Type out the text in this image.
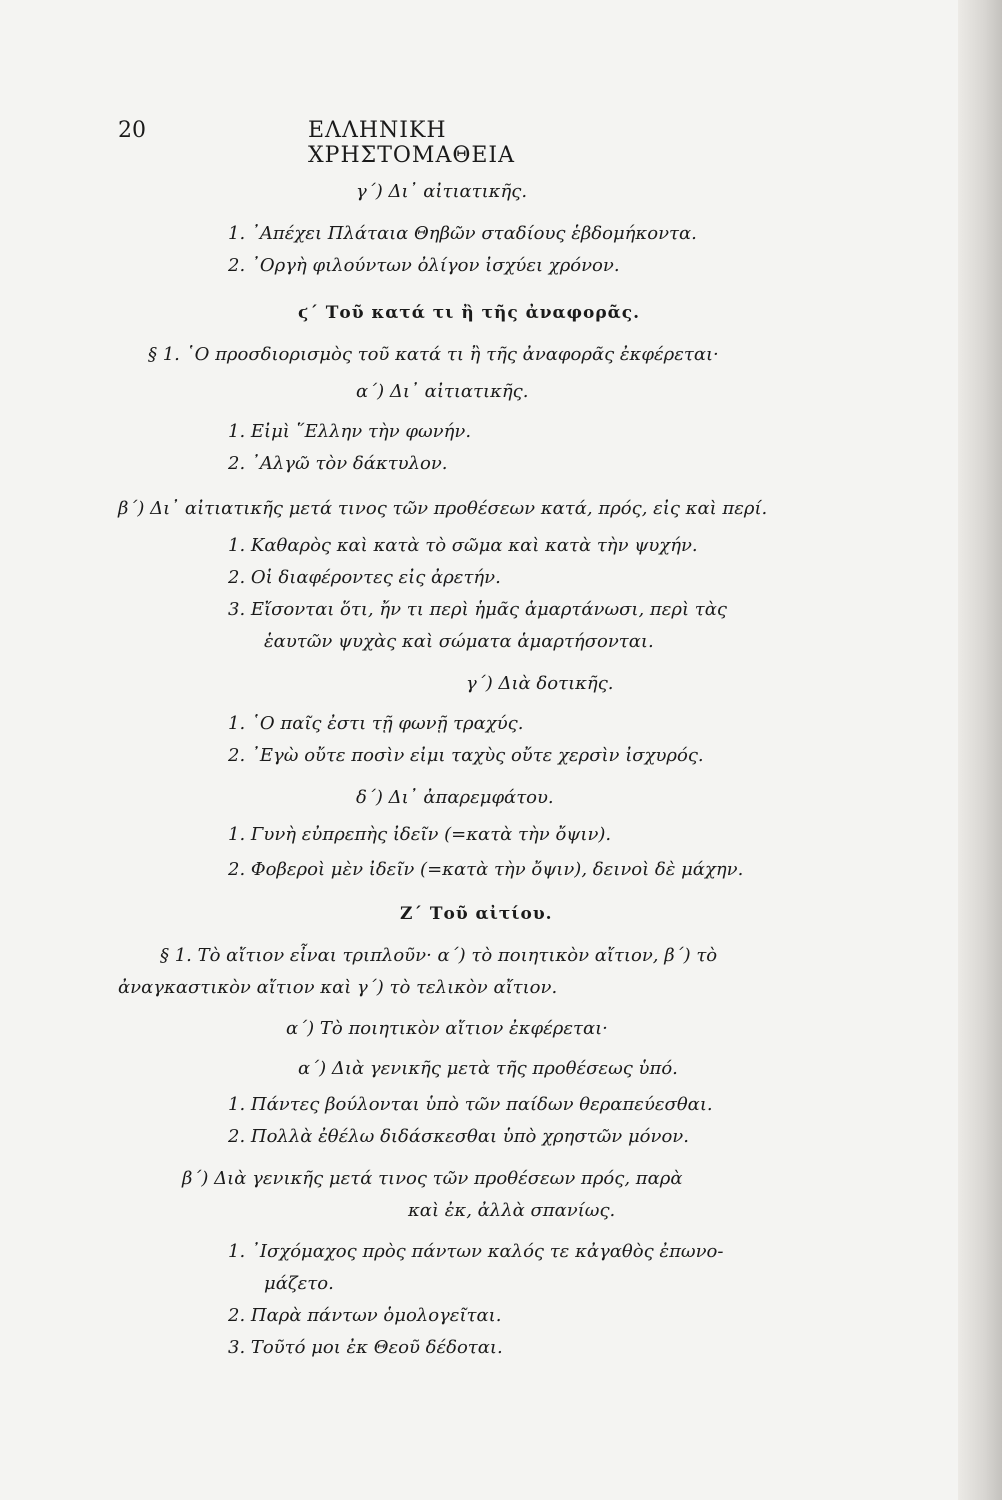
20	ΕΛΛΗΝΙΚΗ ΧΡΗΣΤΟΜΑΘΕΙΑ
γ΄) Δι᾿ αἰτιατικῆς.
1. ᾿Απέχει Πλάταια Θηβῶν σταδίους ἑβδομήκοντα.
2. ᾿Οργὴ φιλούντων ὀλίγον ἰσχύει χρόνον.
ϛ΄ Τοῦ κατά τι ἢ τῆς ἀναφορᾶς.
§ 1. ῾Ο προσδιορισμὸς τοῦ κατά τι ἢ τῆς ἀναφορᾶς ἐκφέρεται·
α΄) Δι᾿ αἰτιατικῆς.
1. Εἰμὶ ῞Ελλην τὴν φωνήν.
2. ᾿Αλγῶ τὸν δάκτυλον.
β΄) Δι᾿ αἰτιατικῆς μετά τινος τῶν προθέσεων κατά, πρός, εἰς καὶ περί.
1. Καθαρὸς καὶ κατὰ τὸ σῶμα καὶ κατὰ τὴν ψυχήν.
2. Οἱ διαφέροντες εἰς ἀρετήν.
3. Εἴσονται ὅτι, ἤν τι περὶ ἡμᾶς ἁμαρτάνωσι, περὶ τὰς
ἑαυτῶν ψυχὰς καὶ σώματα ἁμαρτήσονται.
γ΄) Διὰ δοτικῆς.
1. ῾Ο παῖς ἐστι τῇ φωνῇ τραχύς.
2. ᾿Εγὼ οὔτε ποσὶν εἰμι ταχὺς οὔτε χερσὶν ἰσχυρός.
δ΄) Δι᾿ ἀπαρεμφάτου.
1. Γυνὴ εὐπρεπὴς ἰδεῖν (=κατὰ τὴν ὄψιν).
2. Φοβεροὶ μὲν ἰδεῖν (=κατὰ τὴν ὄψιν), δεινοὶ δὲ μάχην.
Ζ΄ Τοῦ αἰτίου.
§ 1. Τὸ αἴτιον εἶναι τριπλοῦν· α΄) τὸ ποιητικὸν αἴτιον, β΄) τὸ
ἀναγκαστικὸν αἴτιον καὶ γ΄) τὸ τελικὸν αἴτιον.
α΄) Τὸ ποιητικὸν αἴτιον ἐκφέρεται·
α΄) Διὰ γενικῆς μετὰ τῆς προθέσεως ὑπό.
1. Πάντες βούλονται ὑπὸ τῶν παίδων θεραπεύεσθαι.
2. Πολλὰ ἐθέλω διδάσκεσθαι ὑπὸ χρηστῶν μόνον.
β΄) Διὰ γενικῆς μετά τινος τῶν προθέσεων πρός, παρὰ
καὶ ἐκ, ἀλλὰ σπανίως.
1. ᾿Ισχόμαχος πρὸς πάντων καλός τε κἀγαθὸς ἐπωνο-
μάζετο.
2. Παρὰ πάντων ὁμολογεῖται.
3. Τοῦτό μοι ἐκ Θεοῦ δέδοται.
